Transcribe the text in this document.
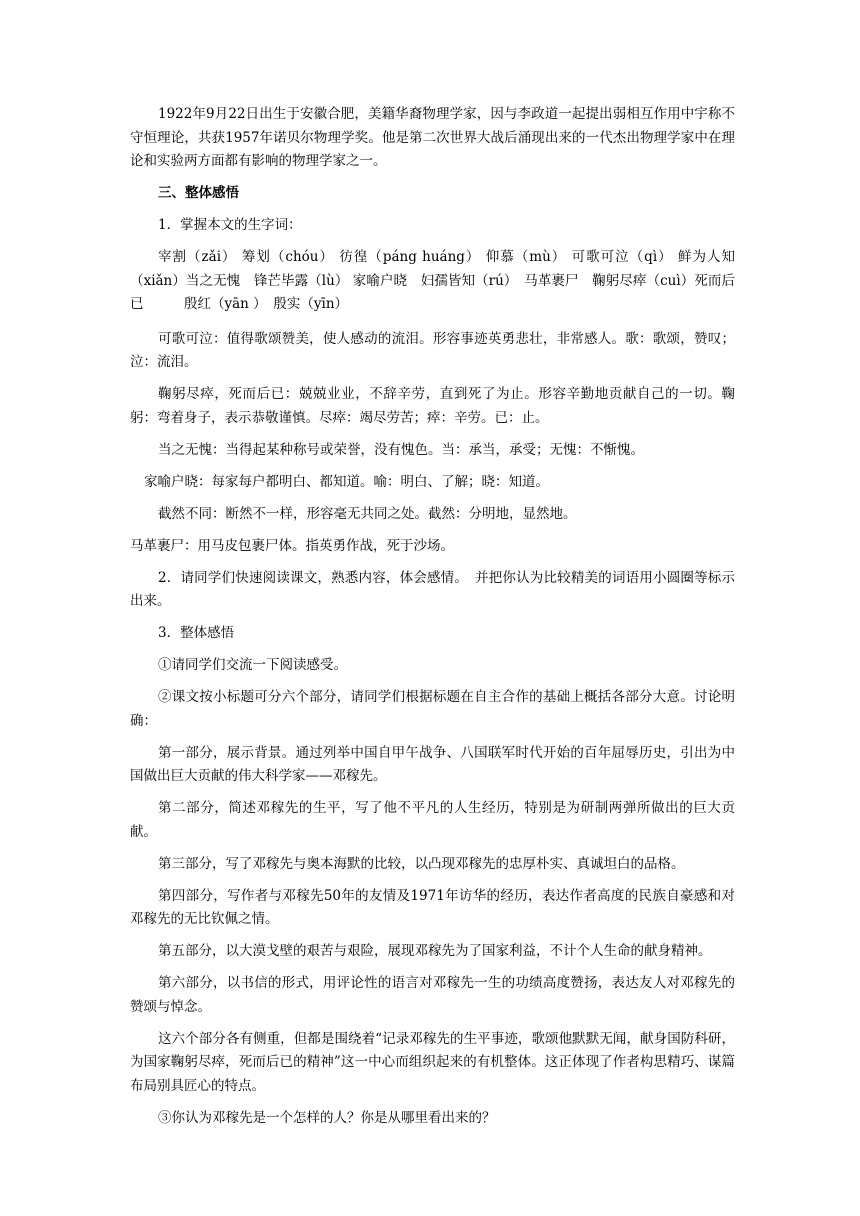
1922年9月22日出生于安徽合肥，美籍华裔物理学家，因与李政道一起提出弱相互作用中宇称不守恒理论，共获1957年诺贝尔物理学奖。他是第二次世界大战后涌现出来的一代杰出物理学家中在理论和实验两方面都有影响的物理学家之一。

三、整体感悟

1．掌握本文的生字词：

宰割（zǎi） 筹划（chóu） 彷徨（páng huáng） 仰慕（mù） 可歌可泣（qì） 鲜为人知（xiǎn）当之无愧　锋芒毕露（lù） 家喻户晓　妇孺皆知（rú）　马革裹尸　鞠躬尽瘁（cuì）死而后已　　　殷红（yān ）　殷实（yīn）

可歌可泣：值得歌颂赞美，使人感动的流泪。形容事迹英勇悲壮，非常感人。歌：歌颂，赞叹；泣：流泪。

鞠躬尽瘁，死而后已：兢兢业业，不辞辛劳，直到死了为止。形容辛勤地贡献自己的一切。鞠躬：弯着身子，表示恭敬谨慎。尽瘁：竭尽劳苦；瘁：辛劳。已：止。

当之无愧：当得起某种称号或荣誉，没有愧色。当：承当，承受；无愧：不惭愧。

家喻户晓：每家每户都明白、都知道。喻：明白、了解；晓：知道。

截然不同：断然不一样，形容毫无共同之处。截然：分明地，显然地。

马革裹尸：用马皮包裹尸体。指英勇作战，死于沙场。

2．请同学们快速阅读课文，熟悉内容，体会感情。　并把你认为比较精美的词语用小圆圈等标示出来。

3．整体感悟

①请同学们交流一下阅读感受。

②课文按小标题可分六个部分，请同学们根据标题在自主合作的基础上概括各部分大意。讨论明确：

第一部分，展示背景。通过列举中国自甲午战争、八国联军时代开始的百年屈辱历史，引出为中国做出巨大贡献的伟大科学家——邓稼先。

第二部分，简述邓稼先的生平，写了他不平凡的人生经历，特别是为研制两弹所做出的巨大贡献。

第三部分，写了邓稼先与奥本海默的比较，以凸现邓稼先的忠厚朴实、真诚坦白的品格。

第四部分，写作者与邓稼先50年的友情及1971年访华的经历，表达作者高度的民族自豪感和对邓稼先的无比钦佩之情。

第五部分，以大漠戈壁的艰苦与艰险，展现邓稼先为了国家利益，不计个人生命的献身精神。

第六部分，以书信的形式，用评论性的语言对邓稼先一生的功绩高度赞扬，表达友人对邓稼先的赞颂与悼念。

这六个部分各有侧重，但都是围绕着“记录邓稼先的生平事迹，歌颂他默默无闻，献身国防科研，为国家鞠躬尽瘁，死而后已的精神”这一中心而组织起来的有机整体。这正体现了作者构思精巧、谋篇布局别具匠心的特点。

③你认为邓稼先是一个怎样的人？你是从哪里看出来的？
